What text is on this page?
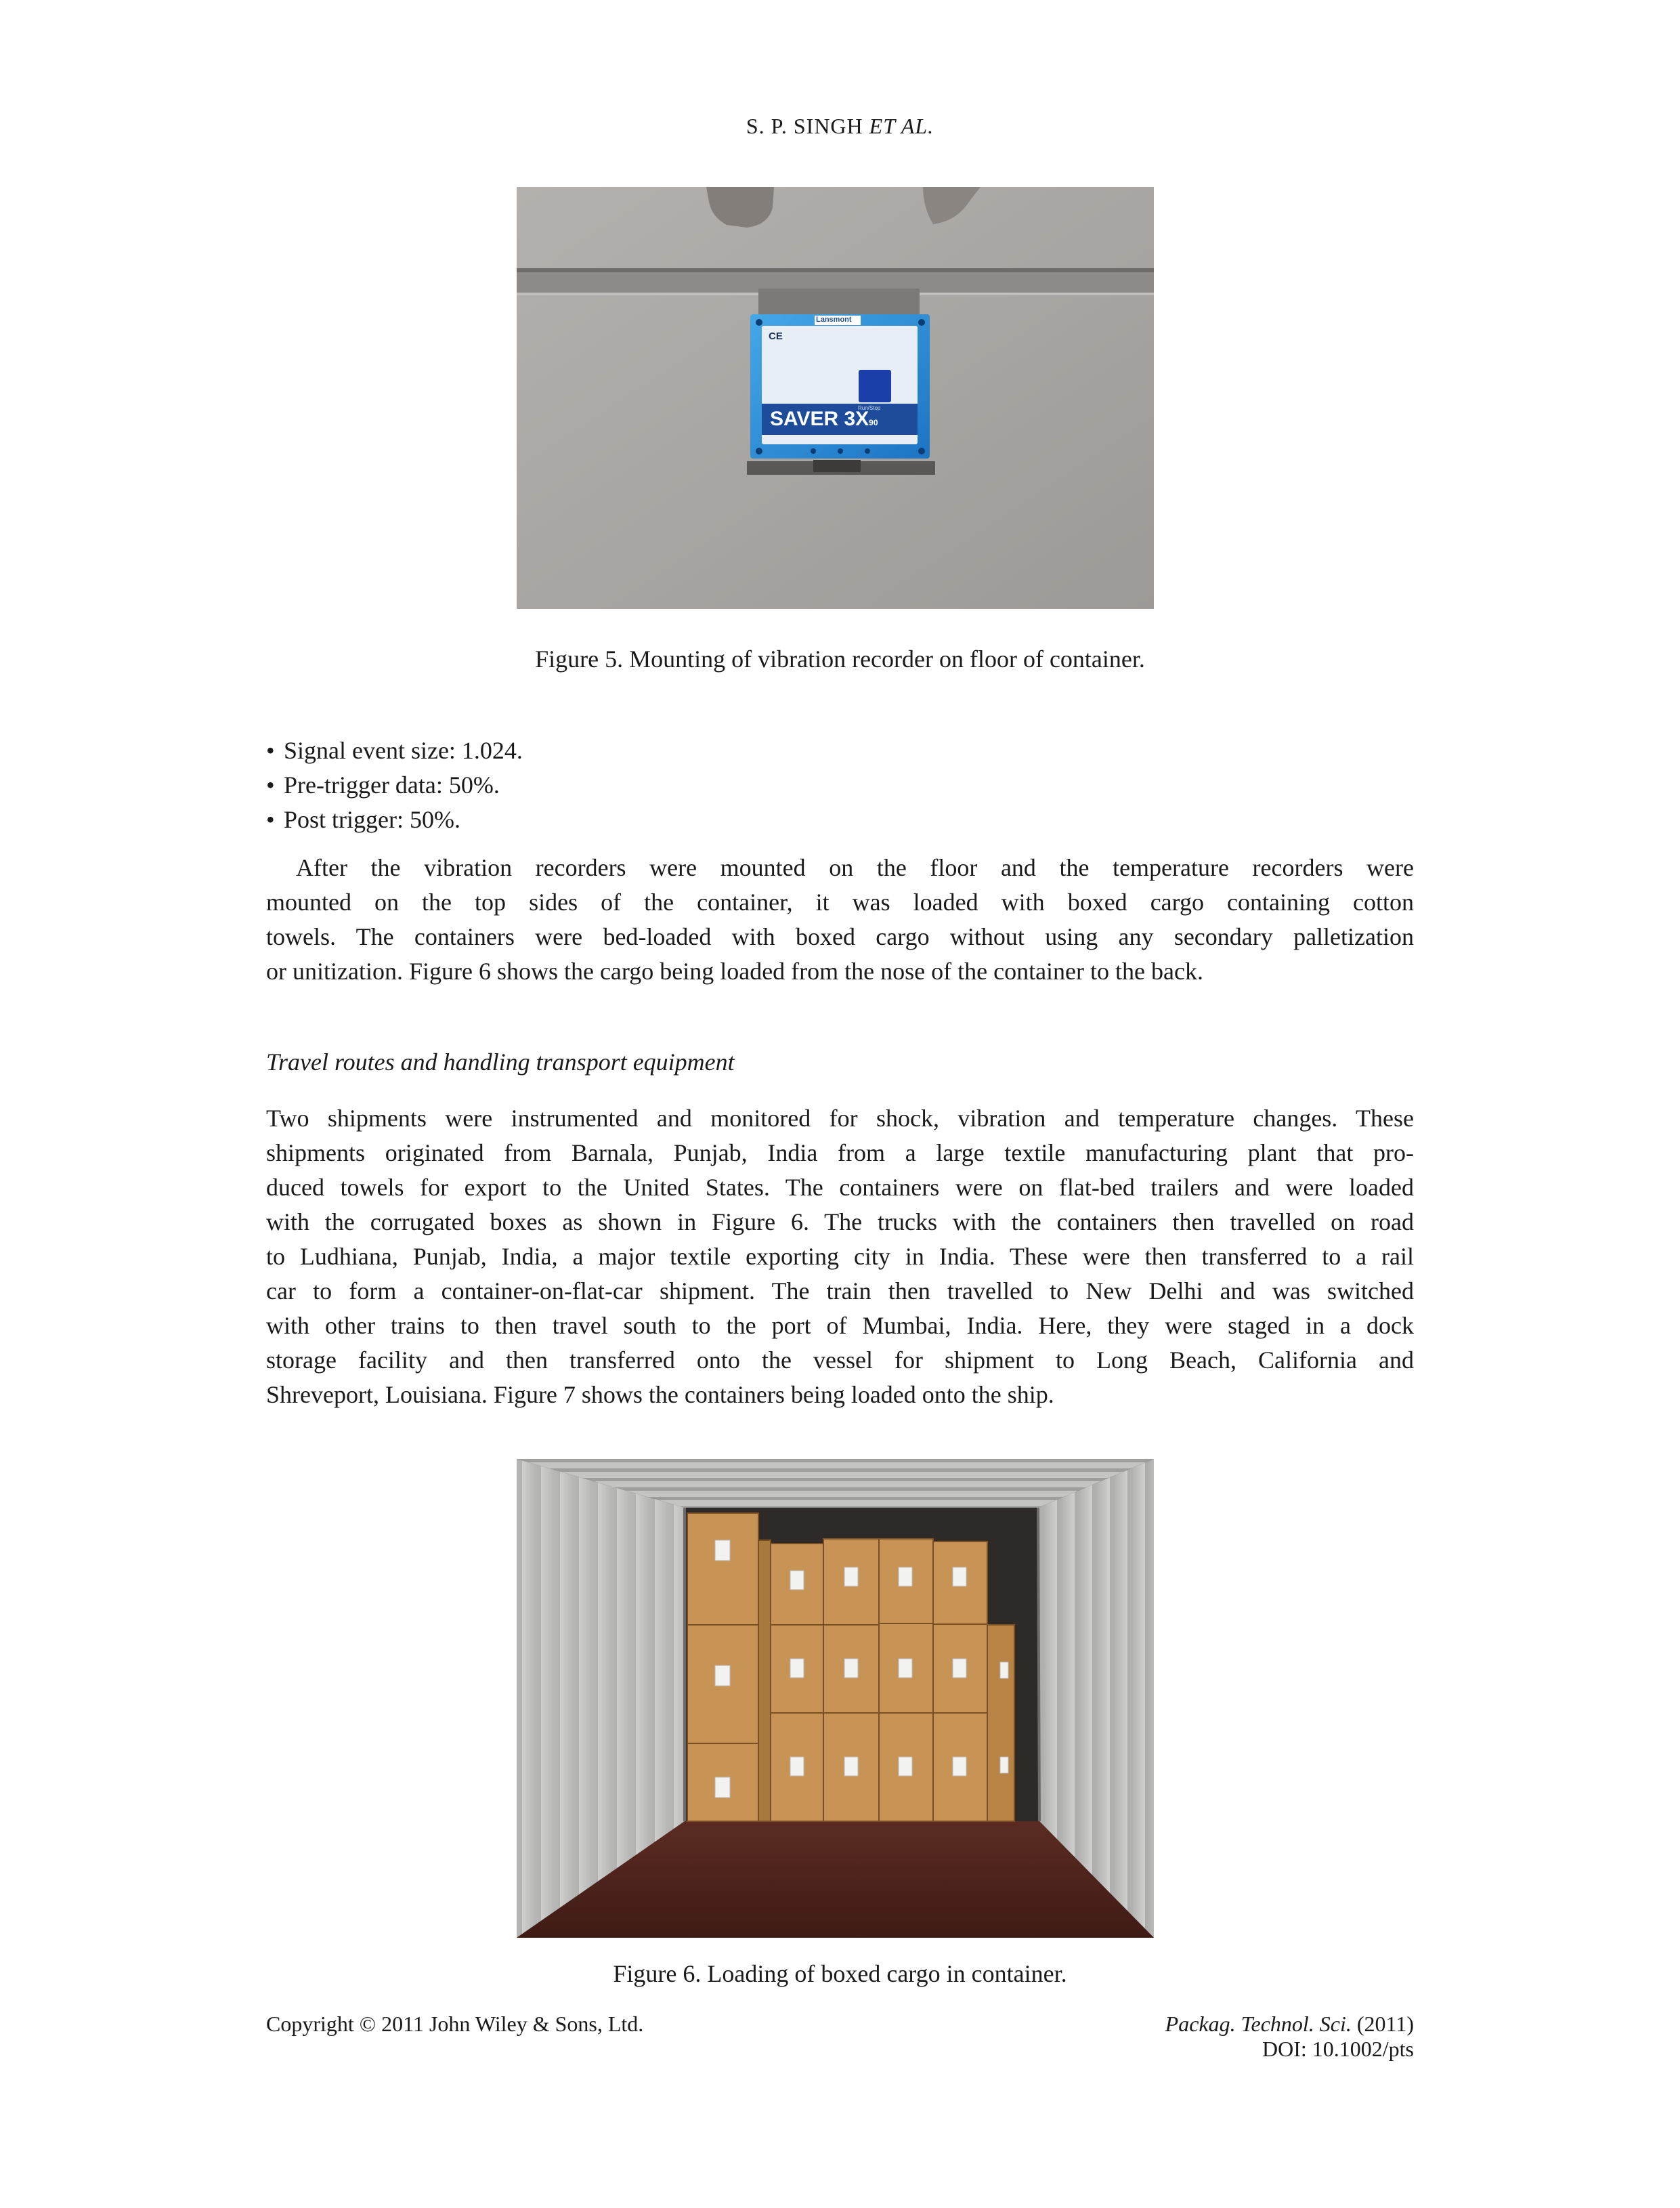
S. P. SINGH ET AL.
Lansmont
CE
Run/Stop
SAVER 3X90
Figure 5. Mounting of vibration recorder on floor of container.
• Signal event size: 1.024.
• Pre-trigger data: 50%.
• Post trigger: 50%.
After the vibration recorders were mounted on the floor and the temperature recorders were
mounted on the top sides of the container, it was loaded with boxed cargo containing cotton
towels. The containers were bed-loaded with boxed cargo without using any secondary palletization
or unitization. Figure 6 shows the cargo being loaded from the nose of the container to the back.
Travel routes and handling transport equipment
Two shipments were instrumented and monitored for shock, vibration and temperature changes. These
shipments originated from Barnala, Punjab, India from a large textile manufacturing plant that pro-
duced towels for export to the United States. The containers were on flat-bed trailers and were loaded
with the corrugated boxes as shown in Figure 6. The trucks with the containers then travelled on road
to Ludhiana, Punjab, India, a major textile exporting city in India. These were then transferred to a rail
car to form a container-on-flat-car shipment. The train then travelled to New Delhi and was switched
with other trains to then travel south to the port of Mumbai, India. Here, they were staged in a dock
storage facility and then transferred onto the vessel for shipment to Long Beach, California and
Shreveport, Louisiana. Figure 7 shows the containers being loaded onto the ship.
Figure 6. Loading of boxed cargo in container.
Copyright © 2011 John Wiley & Sons, Ltd.	Packag. Technol. Sci. (2011)
DOI: 10.1002/pts
